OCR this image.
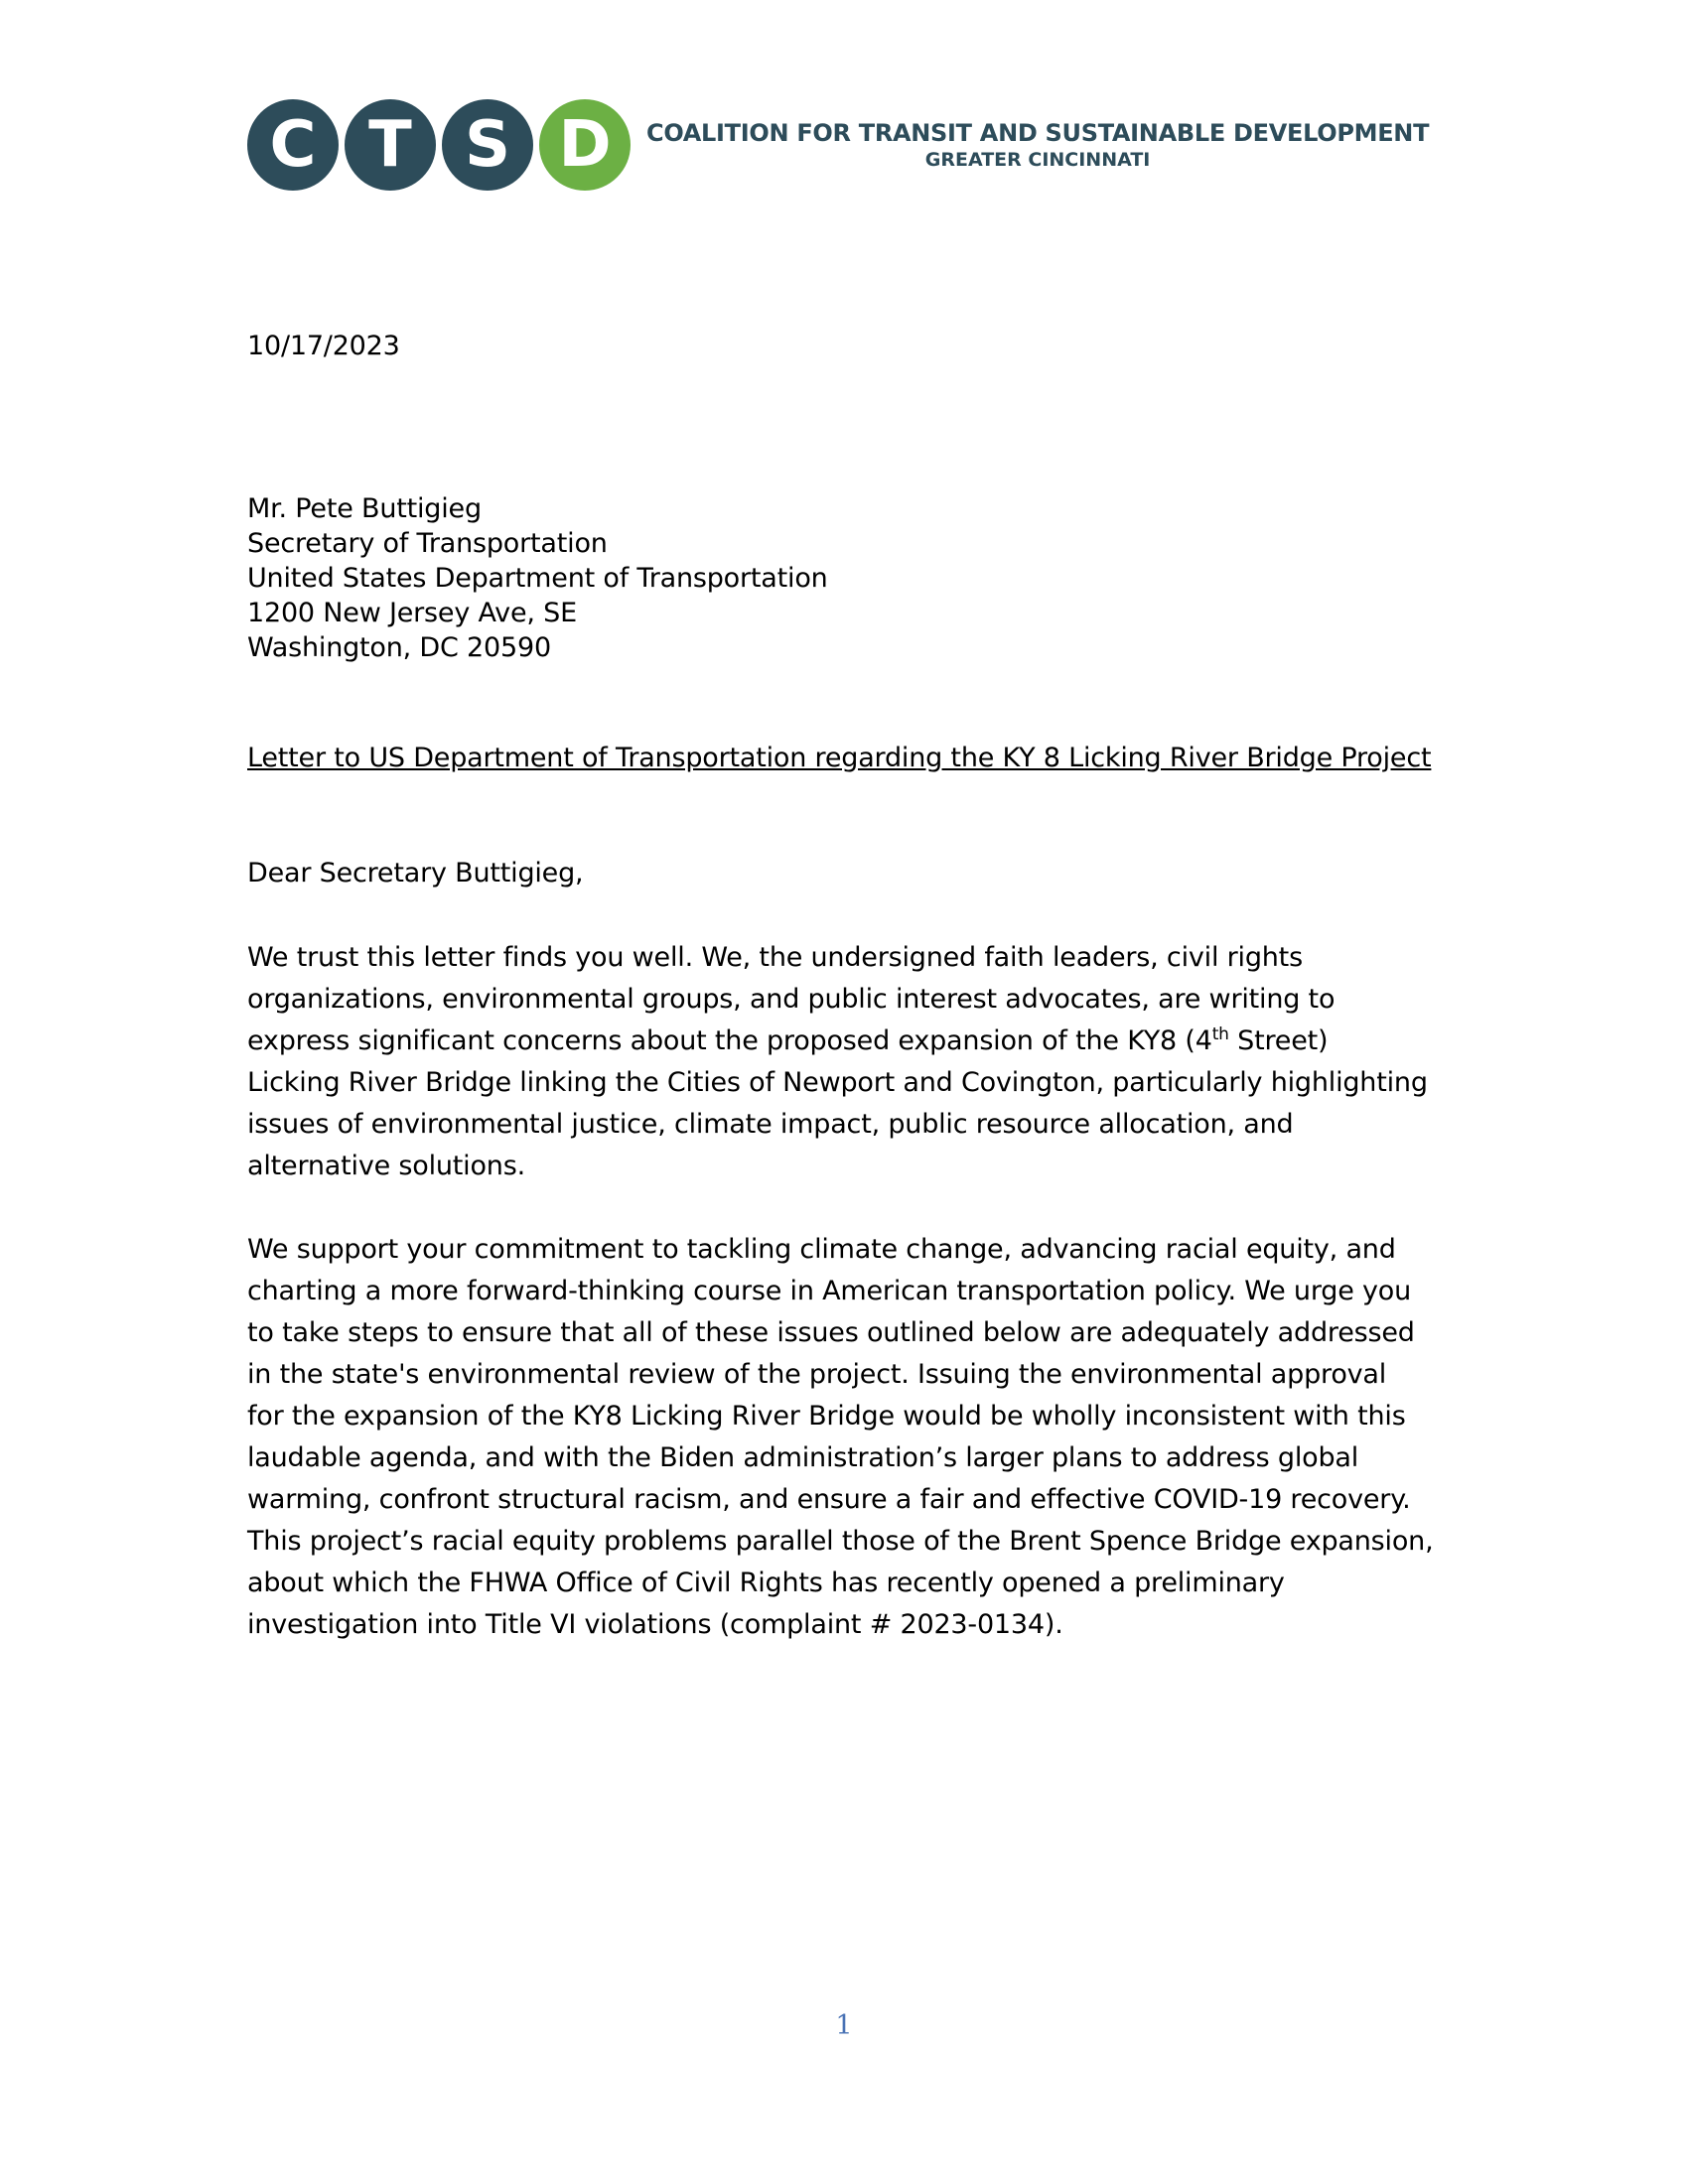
C T S D	COALITION FOR TRANSIT AND SUSTAINABLE DEVELOPMENT
GREATER CINCINNATI
10/17/2023
Mr. Pete Buttigieg
Secretary of Transportation
United States Department of Transportation
1200 New Jersey Ave, SE
Washington, DC 20590
Letter to US Department of Transportation regarding the KY 8 Licking River Bridge Project
Dear Secretary Buttigieg,
We trust this letter finds you well. We, the undersigned faith leaders, civil rights
organizations, environmental groups, and public interest advocates, are writing to
express significant concerns about the proposed expansion of the KY8 (4th Street)
Licking River Bridge linking the Cities of Newport and Covington, particularly highlighting
issues of environmental justice, climate impact, public resource allocation, and
alternative solutions.
We support your commitment to tackling climate change, advancing racial equity, and
charting a more forward-thinking course in American transportation policy. We urge you
to take steps to ensure that all of these issues outlined below are adequately addressed
in the state's environmental review of the project. Issuing the environmental approval
for the expansion of the KY8 Licking River Bridge would be wholly inconsistent with this
laudable agenda, and with the Biden administration’s larger plans to address global
warming, confront structural racism, and ensure a fair and effective COVID-19 recovery.
This project’s racial equity problems parallel those of the Brent Spence Bridge expansion,
about which the FHWA Office of Civil Rights has recently opened a preliminary
investigation into Title VI violations (complaint # 2023-0134).
1
